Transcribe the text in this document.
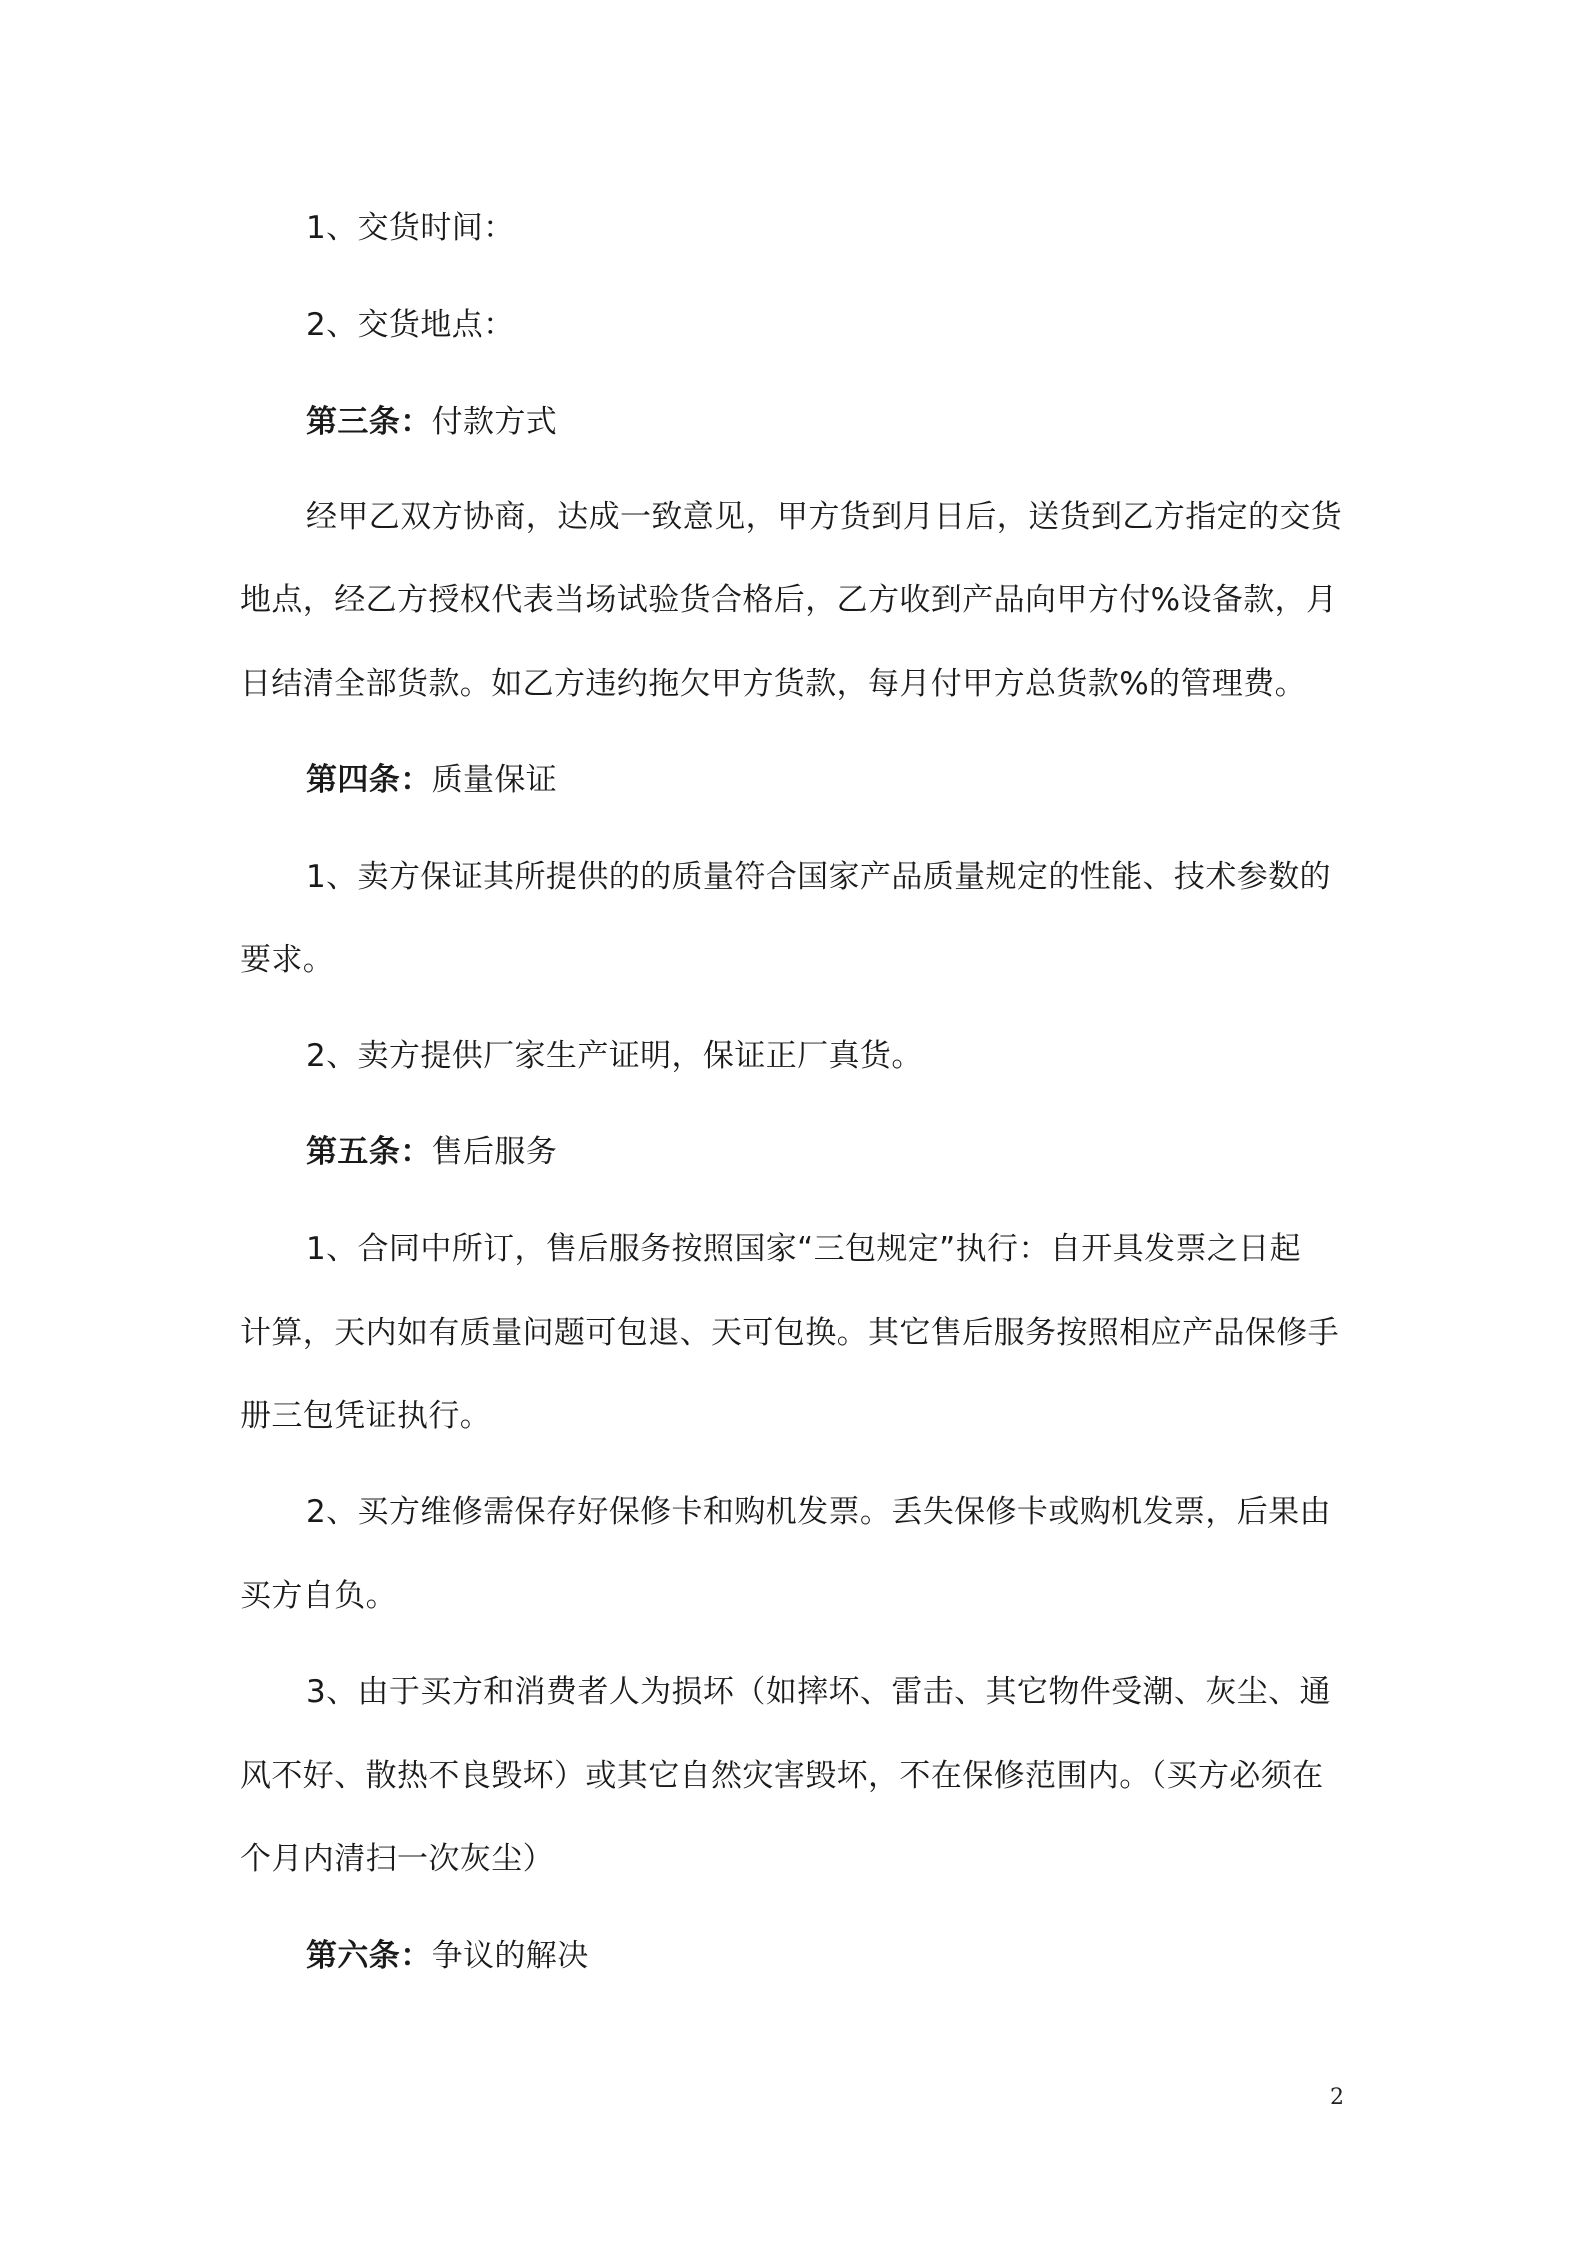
1、交货时间：
2、交货地点：
第三条：付款方式
经甲乙双方协商，达成一致意见，甲方货到月日后，送货到乙方指定的交货
地点，经乙方授权代表当场试验货合格后，乙方收到产品向甲方付%设备款，月
日结清全部货款。如乙方违约拖欠甲方货款，每月付甲方总货款%的管理费。
第四条：质量保证
1、卖方保证其所提供的的质量符合国家产品质量规定的性能、技术参数的
要求。
2、卖方提供厂家生产证明，保证正厂真货。
第五条：售后服务
1、合同中所订，售后服务按照国家“三包规定”执行：自开具发票之日起
计算，天内如有质量问题可包退、天可包换。其它售后服务按照相应产品保修手
册三包凭证执行。
2、买方维修需保存好保修卡和购机发票。丢失保修卡或购机发票，后果由
买方自负。
3、由于买方和消费者人为损坏（如摔坏、雷击、其它物件受潮、灰尘、通
风不好、散热不良毁坏）或其它自然灾害毁坏，不在保修范围内。（买方必须在
个月内清扫一次灰尘）
第六条：争议的解决
2
